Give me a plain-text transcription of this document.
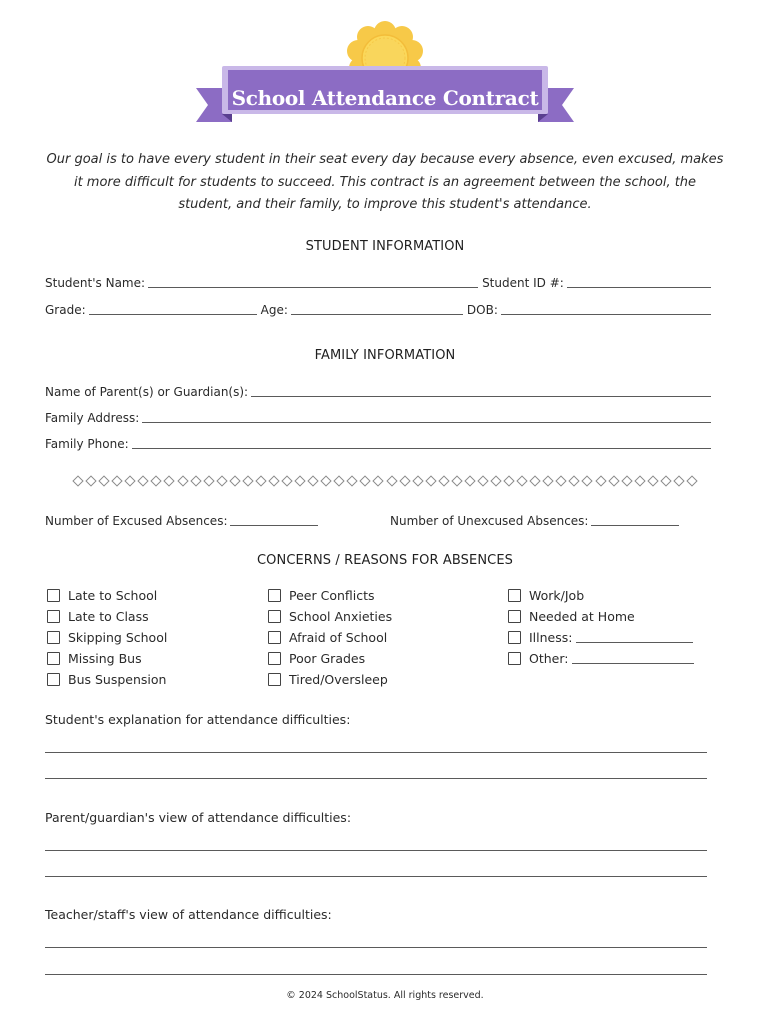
School Attendance Contract
Our goal is to have every student in their seat every day because every absence, even excused, makes it more difficult for students to succeed. This contract is an agreement between the school, the student, and their family, to improve this student's attendance.
STUDENT INFORMATION
Student's Name:	Student ID #:
Grade:	Age:	DOB:
FAMILY INFORMATION
Name of Parent(s) or Guardian(s):
Family Address:
Family Phone:
Number of Excused Absences:	Number of Unexcused Absences:
CONCERNS / REASONS FOR ABSENCES
Late to School
Late to Class
Skipping School
Missing Bus
Bus Suspension
Peer Conflicts
School Anxieties
Afraid of School
Poor Grades
Tired/Oversleep
Work/Job
Needed at Home
Illness:
Other:
Student's explanation for attendance difficulties:
Parent/guardian's view of attendance difficulties:
Teacher/staff's view of attendance difficulties:
© 2024 SchoolStatus. All rights reserved.
